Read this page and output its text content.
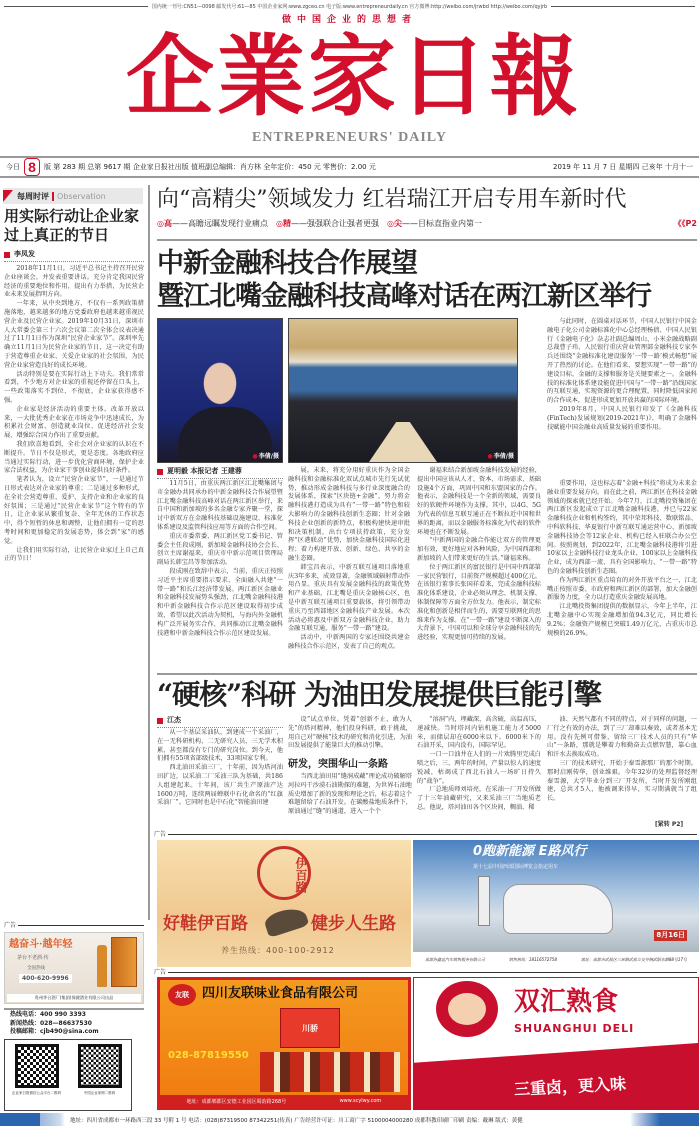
国内统一刊号:CN51—0098 邮发代号:61—85 中国企业家网:www.zgceo.cn 电子版:www.entrepreneurdaily.cn 官方微博:http://weibo.com/jrwbd http://weibo.com/qyjrb
做中国企业的思想者
企 業 家 日 報
ENTREPRENEURS' DAILY
今日 8	版 第 283 期 总第 9617 期 企业家日报社出版 值班副总编辑：肖方林 全年定价：450 元 零售价：2.00 元	2019 年 11 月 7 日 星期四 己亥年 十月十一
每周时评	Observation
用实际行动让企业家过上真正的节日
李凤发

2018年11月1日，习近平总书记主持召开民营企业座谈会，并发表重要讲话。充分肯定我国民营经济的重要地位和作用，提出有力举措，为民营企业未来发展指明方向。

一年来，从中央到地方，不仅有一系列政策措施落地，越来越多的地方党委政府也越来越重视民营企业及民营企业家。2019年10月31日，深圳市人大常委会第三十六次会议第二次全体会议表决通过了11月1日作为深圳“民营企业家节”。深圳率先确立11月1日为民营企业家的节日，这一决定有助于营造尊重企业家、关爱企业家的社会氛围，为民营企业家营造良好的成长环境。

活动特别是要在实际行动上下功夫。我们常常看到，不少地方对企业家的重视还停留在口头上，一些政策落实不到位、不彻底，企业家获得感不强。

企业家是经济活动的重要主体。改革开放以来，一大批优秀企业家在市场竞争中迅速成长，为积累社会财富、创造就业岗位、促进经济社会发展、增强综合国力作出了重要贡献。

我们欣喜地看到，全社会对企业家的认识在不断提升。节日不仅是形式，更是态度。各地政府应当通过实际行动，进一步优化营商环境，保护企业家合法权益，为企业家干事创业提供良好条件。

笔者认为，设立“民营企业家节”，一是通过节日形式表达对企业家的尊重；二是通过多种形式，在全社会营造尊重、爱护、支持企业和企业家的良好氛围；三是通过“民营企业家节”这个特有的节日，让企业家从繁重复杂、全年无休的工作状态中，得个短暂的休息和调整，让他们拥有一定的思考时间和更加稳定的发展态势，体会到“家”的感觉。

让我们用实际行动，让民营企业家过上自己真正的节日！

广告
越奋斗·越年轻
茅台不老酒·传
全国热线
400-620-9996
贵州茅台酒厂(集团)保健酒业有限公司出品
热线电话：400 990 3393
新闻热线：028—86637530
投稿邮箱：cjb490@sina.com
企业家日报微信公众平台二维码	中国企业家网二维码
向“高精尖”领域发力 红岩瑞江开启专用车新时代
◎高——高瞻远瞩发现行业痛点 ◎精——强强联合让强者更强 ◎尖——目标直指业内第一	《《P2
中新金融科技合作展望
暨江北嘴金融科技高峰对话在两江新区举行
● 李倩/摄	● 李倩/摄

与此同时，在圆桌对话环节，中国人民银行中国金融电子化公司金融标准化中心总经理杨倩、中国人民银行《金融电子化》杂志社副总编周山、小米金融战略副总裁曹子玮、人民银行重庆营业管理部金融科技专家李兵还围绕“金融标准化建设服务‘一带一路’模式畅想”展开了热烈的讨论。在他们看来，要想实现“一带一路”的建设目标，金融的支撑和服务是关键要素之一。金融科技的标准化体系建设能促进中国与“一带一路”沿线国家的互联互通，实现资源的更合理配置，同时降低国家间的合作成本，促进形成更加开放共赢的国际环境。

2019年8月，中国人民银行印发了《金融科技(FinTech)发展规划(2019-2021年)》，明确了金融科技赋能中国金融业高质量发展的重要作用。

夏明毅 本报记者 王建蓉

11月5日，由重庆两江新区江北嘴集团与市金融办共同承办的中新金融科技合作展望暨江北嘴金融科技高峰对话在两江新区举行，来自中国和新加坡的多名金融专家齐聚一堂，探讨中新双方在金融科技基础设施建设、标准化体系建设及监管科技应用等方面的合作空间。

重庆市委常委、两江新区党工委书记、管委会主任段成刚，新加坡金融科技协会会长、创立主席谢福来，重庆市中新示范项目管理局副局长韩宝昌等参加活动。

段成刚在致辞中表示，当前，重庆正按照习近平主席重要指示要求，全面融入共建“一带一路”和长江经济带发展。两江新区金融业和金融科技发展势头强劲，江北嘴金融科技港和中新金融科技合作示范区建设取得初步成效，希望以此次活动为契机，与海内外金融机构广泛开展务实合作，共同推动江北嘴金融科技港和中新金融科技合作示范区建设发展。

展。未来，将充分用好重庆作为全国金融科技和金融标准化双试点城市先行先试优势，推动形成金融科技与多行业深度融合的发展体系，探索“区块链+金融”，努力将金融科技港打造成为具有“一带一路”特色和较大影响力的金融科技创新生态圈；针对金融科技企业创新的新特点，积极构建快速审批和决策机制，出台专项扶持政策，充分发挥“区港联动”优势，加快金融科技国际化进程；着力构建开放、创新、绿色、共享的金融生态圈。

韩宝昌表示，中新互联互通项目落地重庆3年多来，成效显著，金融领域辐射带动作用凸显。重庆具有发展金融科技的政策优势和产业基础，江北嘴是重庆金融核心区，也是中新互联互通项目重要载体，将引领带动重庆乃至西部地区金融科技产业发展。本次活动必将惠及中新双方金融科技企业，助力金融互联互通，服务“一带一路”建设。

活动中，中新两国的专家还围绕共建金融科技合作示范区，发表了自己的观点。

谢福来结合新加坡金融科技发展的经验，提出中国应该从人才、资本、市场需求、基础设施4个方面，巩固中国和东盟国家的合作。他表示，金融科技是一个全新的领域，需要良好的软硬件环境作为支撑。其中，以4G、5G为代表的信息互联互通正在不断拉近中国和世界的距离，而以金融服务标准化为代表的软件环境也在不断发展。

“中新两国的金融合作能让双方的管理更加有效，更好地应对各种风险，为中国西部和新加坡的人们带来更好的生活。”谢福来称。

位于两江新区的富民银行是中国中西部第一家民营银行，目前资产规模超过400亿元。在该银行董事长张国祥看来，完成金融科技标准化体系建设，企业必须从理念、机制支撑、体制保障等方面全方位发力。他表示，制定标准化和创新是相伴而生的，需要互联网化的思维来作为支撑。在“一带一路”建设不断深入的大背景下，中国可以和全球分享金融科技的先进经验，实现更加可持续的发展。

重要作用，这也标志着“金融+科技”将成为未来金融业重要发展方向。而在此之前，两江新区在科技金融领域的探索就已经开始。今年7月，江北嘴投资集团在两江新区发起成立了江北嘴金融科技港，并已与22家金融科技企业和机构签约，其中荣邦科技、数联铭品、中科软科技、华夏银行中新互联互通运营中心、新加坡金融科技协会等12家企业、机构已经入驻联合办公空间。按照规划，到2022年，江北嘴金融科技港将引进10家以上金融科技行业龙头企业、100家以上金融科技企业，成为西部一流、具有全国影响力、“一带一路”特色的金融科技创新生态圈。

作为两江新区重点培育的对外开放平台之一，江北嘴正按照市委、市政府和两江新区的部署，加大金融创新服务力度，全力以打造重庆金融发展高地。

江北嘴投资集团提供的数据显示，今年上半年，江北嘴金融中心实现金融增加值94.3亿元，同比增长9.2%；金融资产规模已突破1.49万亿元，占重庆市总规模的26.9%。

“硬核”科研 为油田发展提供巨能引擎
江杰

从一个基层采油队，到建成一个采油厂，在一无科研机构、二无研究人员、三无学术积累，甚至都没有专门的研究岗位。到今天，他们拥有55项省部级技术，33项国家专利。

西北油田采油三厂，十年前，因为塔河油田扩边，以采油二厂采油三队为基础，共186人组建起来。十年间，该厂共生产原油产达1600万吨，连续两届蝉联中石化命名的“红旗采油厂”。它同时也是中石化“智能油田建

设”试点单位。凭着“创新不止，敢为人先”的塔河精神，他们投身科研，敢于挑战，用自己对“硬核”技术的研究和消化引进，为油田发展提供了能量巨大的推动引擎。

研发，突围华山一条路

当西北油田用“缝洞成藏”理论成功破解塔河拉玛干沙漠石油勘探的难题，为世界石油地质史增加了新的发现和理论之后，标志着这个难题留给了石油开发。在碳酸盐地质条件下，原油通过“缝”的通道，进入一个个

“溶洞”内，埋藏深，高含硫，高温高压，递减快。当时塔河内钻机施工能力才5000米，而储层却在6000米以下。6000米下的石油开采，国内没有，国际罕见。

一口一口油井在人们的一片欢腾里完成白喷之后，三、两年的时间，产量以惊人的速度锐减，枯竭成了西北石油人一场旷日持久的“战争”。

厂总地质师刘培亮，在采油一厂开发所做了十三年油藏研究，又来采油三厂当地质老总。他说，塔河油田各个区块间，稠油、稀

油、天然气都有不同的特点，对于同样的问题，一厂行之有效的办法，到了三厂却难以奏效，或者基本无用。没有先例可借鉴，留给三厂技术人员的只有“华山”一条路，那就是攀着力和勤奋去点燃智慧，靠心血和汗水去换取成功。

三厂的技术研究，开始于秦雪源那厂的那个时期。那时启刚传华，创业维艰。今年32岁的处理监督经理秦雪源，大学毕业分到三厂开发所，当时开发所刚组建，总共才5人，他被调来得早，实习期满就当了组长。

[紧转 P2]
广告
伊百路
好鞋伊百路	健步人生路
养生热线：400-100-2912
0跑新能源 E路风行
第十七届中国西部国际博览会指定用车
8月16日
成都海鑫达汽车销售服务有限公司	销售热线：18116572758	地址：成都市武侯区三环路武侯立交外侧武阳东路88号17号
广告
友联	四川友联味业食品有限公司
028-87819550
川骄
地址：成都郫都区安德工业园区蜀韵路268号	www.scylwy.com
双汇熟食
SHUANGHUI DELI
三重卤，更入味
地址：四川省成都市一环路西三段 33 号附 1 号 电话：(028)87319500 87342251(传真) 广告经营许可证：川工商广字 5100004000280 成都科教印刷厂印刷 责编：戴琳 版式：黄健
